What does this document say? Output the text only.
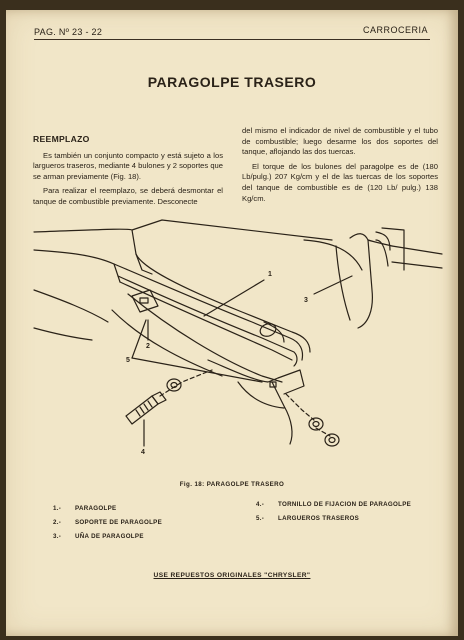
PAG. Nº 23 - 22	CARROCERIA
PARAGOLPE TRASERO
REEMPLAZO

Es también un conjunto compacto y está sujeto a los largueros traseros, mediante 4 bulones y 2 soportes que se arman previamente (Fig. 18).

Para realizar el reemplazo, se deberá desmontar el tanque de combustible previamente. Desconecte

del mismo el indicador de nivel de combustible y el tubo de combustible; luego desarme los dos soportes del tanque, aflojando las dos tuercas.

El torque de los bulones del paragolpe es de (180 Lb/pulg.) 207 Kg/cm y el de las tuercas de los soportes del tanque de combustible es de (120 Lb/ pulg.) 138 Kg/cm.

1
2
3
4
5
Fig. 18: PARAGOLPE TRASERO
1.- PARAGOLPE
2.- SOPORTE DE PARAGOLPE
3.- UÑA DE PARAGOLPE
4.- TORNILLO DE FIJACION DE PARAGOLPE
5.- LARGUEROS TRASEROS
USE REPUESTOS ORIGINALES "CHRYSLER"
